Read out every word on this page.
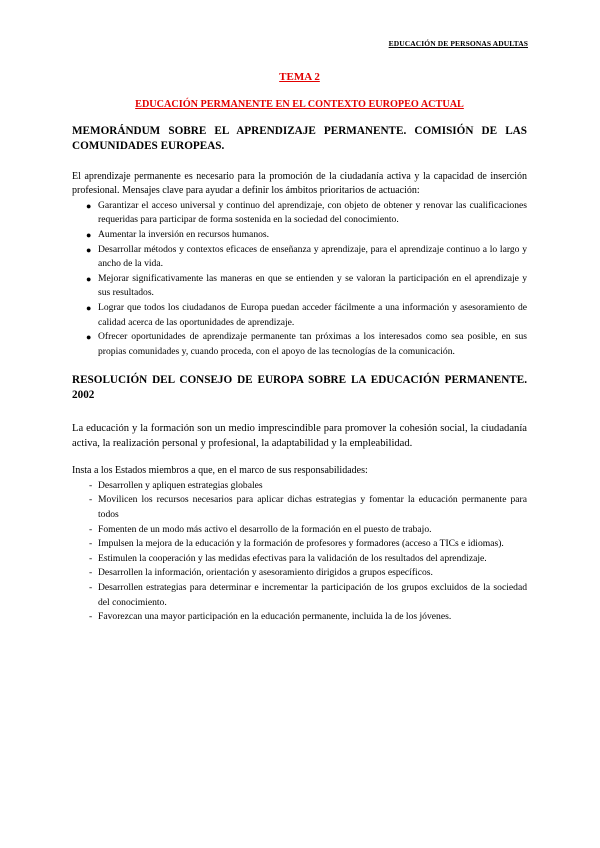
EDUCACIÓN DE PERSONAS ADULTAS
TEMA 2
EDUCACIÓN PERMANENTE EN EL CONTEXTO EUROPEO ACTUAL
MEMORÁNDUM SOBRE EL APRENDIZAJE PERMANENTE. COMISIÓN DE LAS COMUNIDADES EUROPEAS.

El aprendizaje permanente es necesario para la promoción de la ciudadanía activa y la capacidad de inserción profesional. Mensajes clave para ayudar a definir los ámbitos prioritarios de actuación:

● Garantizar el acceso universal y continuo del aprendizaje, con objeto de obtener y renovar las cualificaciones requeridas para participar de forma sostenida en la sociedad del conocimiento.
● Aumentar la inversión en recursos humanos.
● Desarrollar métodos y contextos eficaces de enseñanza y aprendizaje, para el aprendizaje continuo a lo largo y ancho de la vida.
● Mejorar significativamente las maneras en que se entienden y se valoran la participación en el aprendizaje y sus resultados.
● Lograr que todos los ciudadanos de Europa puedan acceder fácilmente a una información y asesoramiento de calidad acerca de las oportunidades de aprendizaje.
● Ofrecer oportunidades de aprendizaje permanente tan próximas a los interesados como sea posible, en sus propias comunidades y, cuando proceda, con el apoyo de las tecnologías de la comunicación.
RESOLUCIÓN DEL CONSEJO DE EUROPA SOBRE LA EDUCACIÓN PERMANENTE. 2002

La educación y la formación son un medio imprescindible para promover la cohesión social, la ciudadanía activa, la realización personal y profesional, la adaptabilidad y la empleabilidad.

Insta a los Estados miembros a que, en el marco de sus responsabilidades:

- Desarrollen y apliquen estrategias globales
- Movilicen los recursos necesarios para aplicar dichas estrategias y fomentar la educación permanente para todos
- Fomenten de un modo más activo el desarrollo de la formación en el puesto de trabajo.
- Impulsen la mejora de la educación y la formación de profesores y formadores (acceso a TICs e idiomas).
- Estimulen la cooperación y las medidas efectivas para la validación de los resultados del aprendizaje.
- Desarrollen la información, orientación y asesoramiento dirigidos a grupos específicos.
- Desarrollen estrategias para determinar e incrementar la participación de los grupos excluidos de la sociedad del conocimiento.
- Favorezcan una mayor participación en la educación permanente, incluida la de los jóvenes.
